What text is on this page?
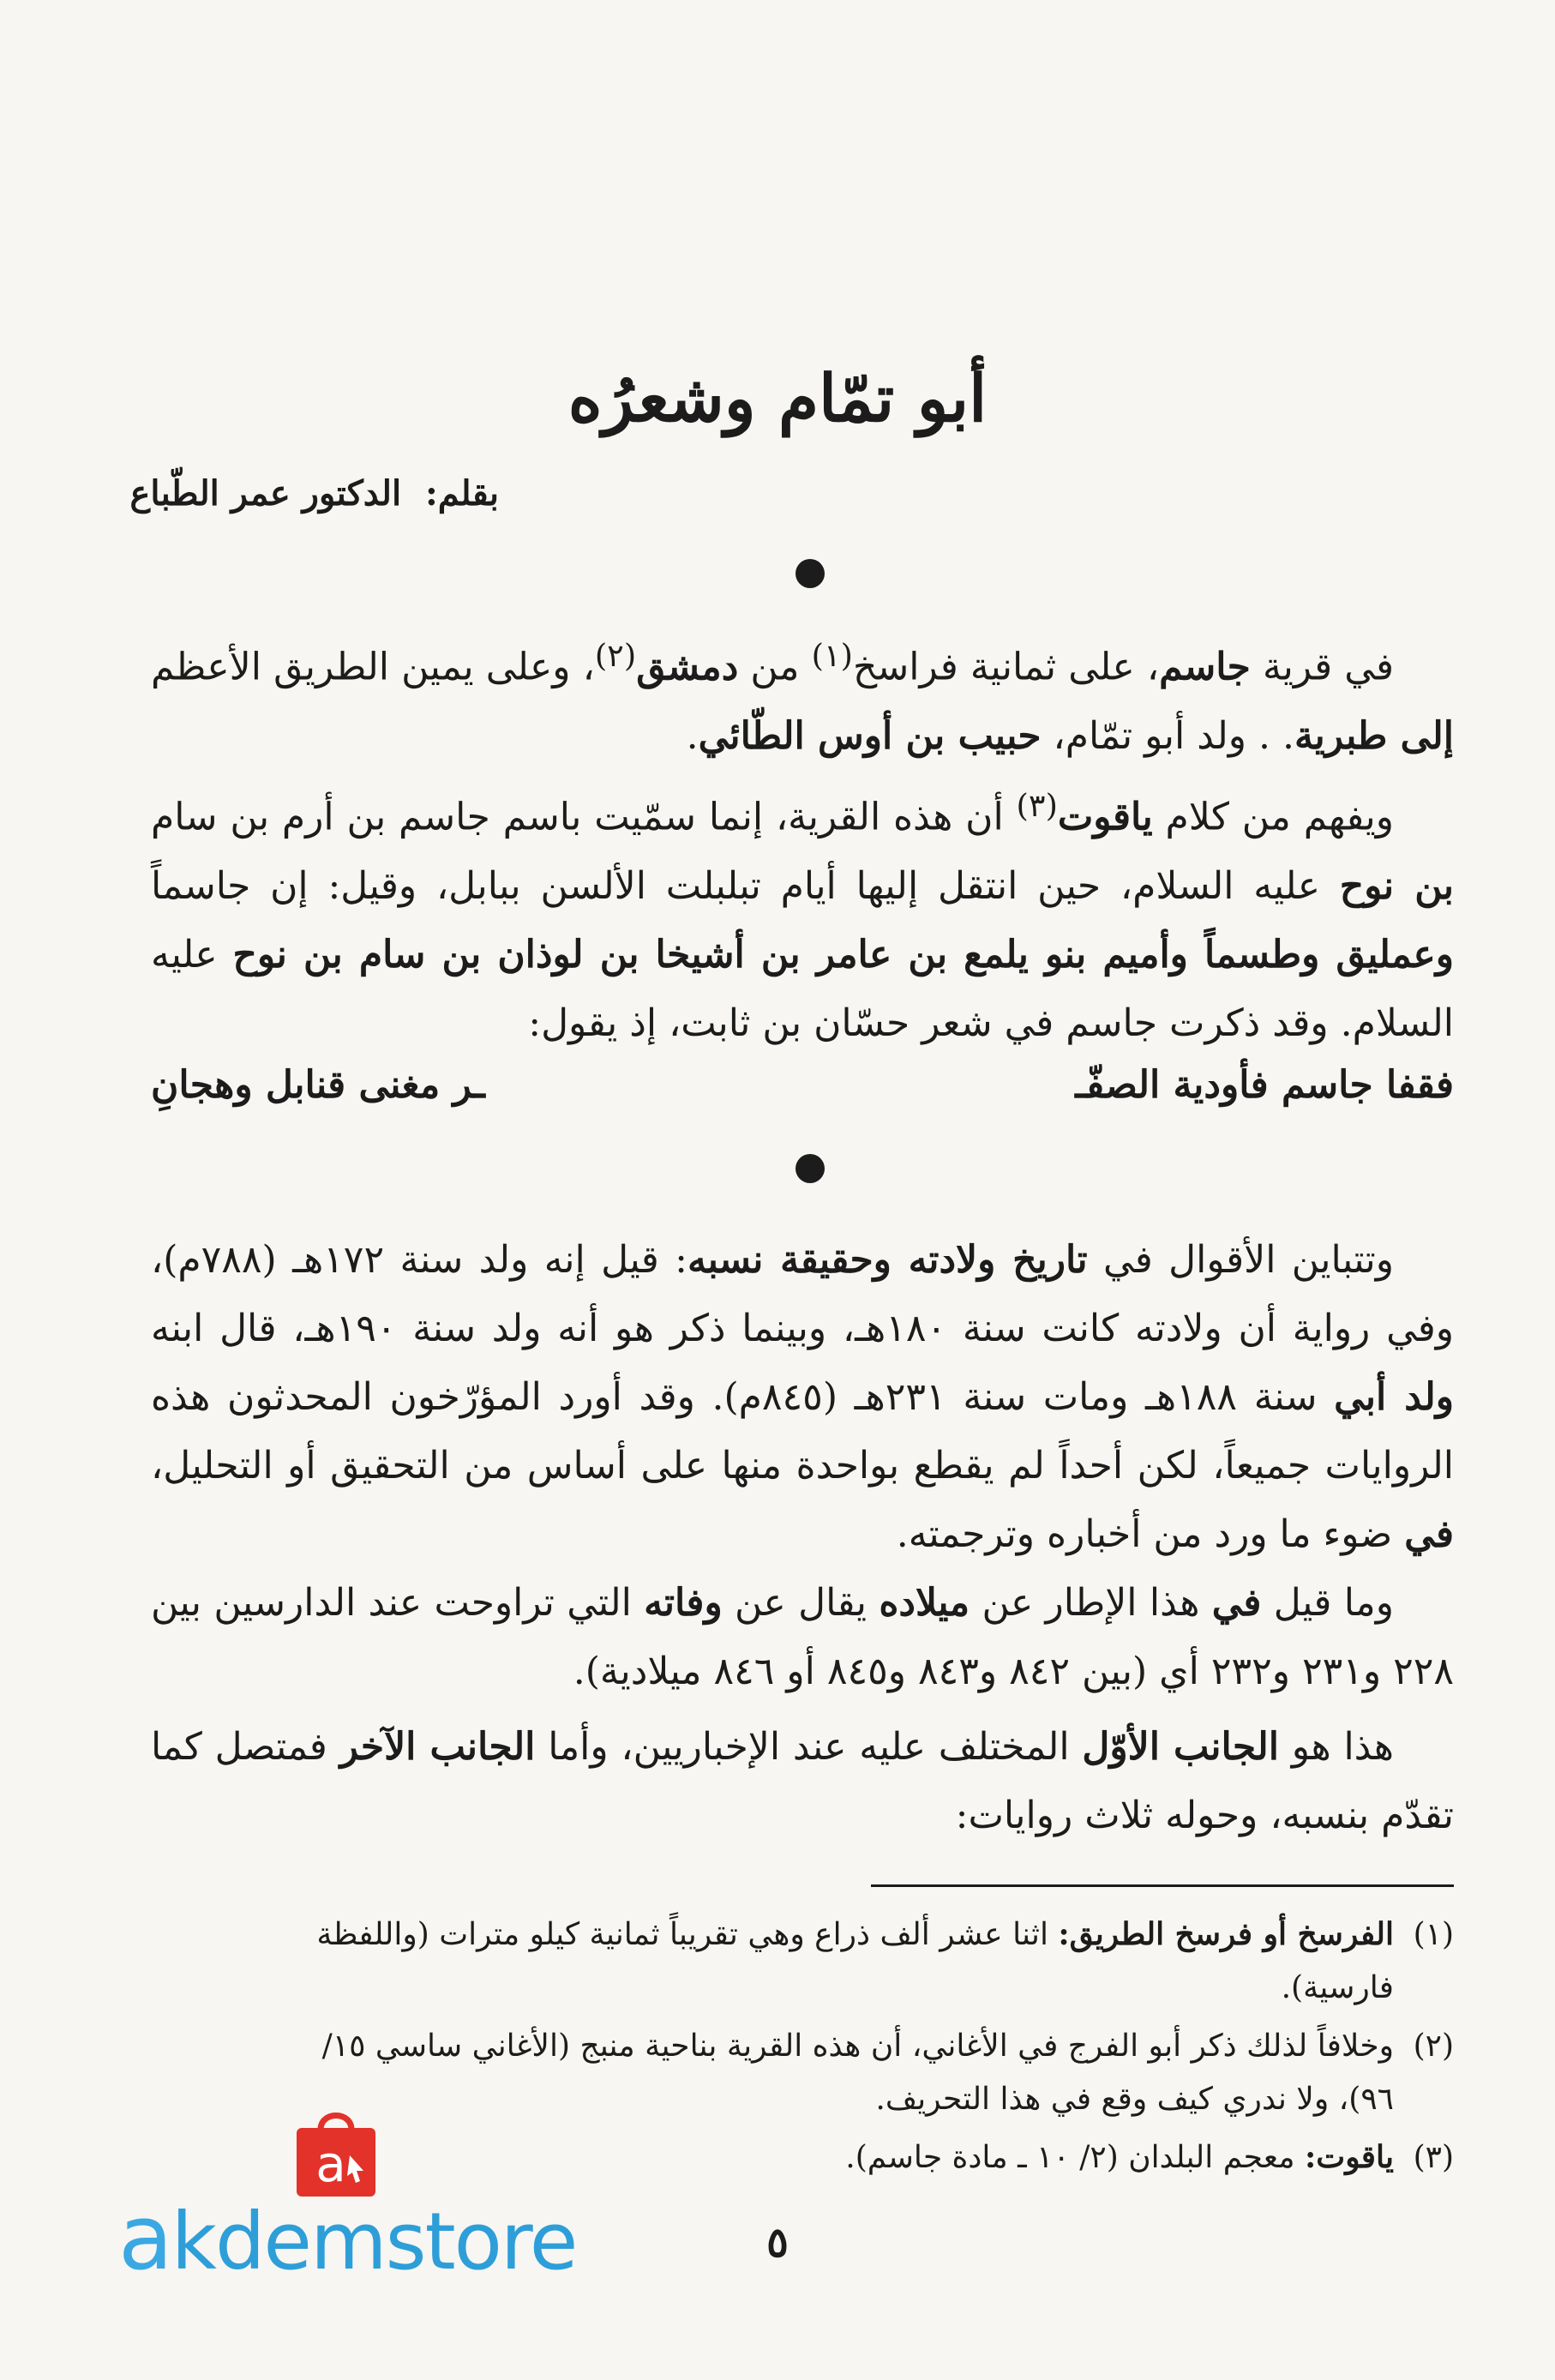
أبو تمّام وشعرُه

بقلم: الدكتور عمر الطّباع

في قرية جاسم، على ثمانية فراسخ$^{(١)}$ من دمشق$^{(٢)}$، وعلى يمين الطريق الأعظم إلى طبرية. . ولد أبو تمّام، حبيب بن أوس الطّائي.

ويفهم من كلام ياقوت$^{(٣)}$ أن هذه القرية، إنما سمّيت باسم جاسم بن أرم بن سام بن نوح عليه السلام، حين انتقل إليها أيام تبلبلت الألسن ببابل، وقيل: إن جاسماً وعمليق وطسماً وأميم بنو يلمع بن عامر بن أشيخا بن لوذان بن سام بن نوح عليه السلام. وقد ذكرت جاسم في شعر حسّان بن ثابت، إذ يقول:

فقفا جاسم فأودية الصفّـ
ـر مغنى قنابل وهجانِ

وتتباين الأقوال في تاريخ ولادته وحقيقة نسبه: قيل إنه ولد سنة ١٧٢هـ (٧٨٨م)، وفي رواية أن ولادته كانت سنة ١٨٠هـ، وبينما ذكر هو أنه ولد سنة ١٩٠هـ، قال ابنه ولد أبي سنة ١٨٨هـ ومات سنة ٢٣١هـ (٨٤٥م). وقد أورد المؤرّخون المحدثون هذه الروايات جميعاً، لكن أحداً لم يقطع بواحدة منها على أساس من التحقيق أو التحليل، في ضوء ما ورد من أخباره وترجمته.

وما قيل في هذا الإطار عن ميلاده يقال عن وفاته التي تراوحت عند الدارسين بين ٢٢٨ و٢٣١ و٢٣٢ أي (بين ٨٤٢ و٨٤٣ و٨٤٥ أو ٨٤٦ ميلادية).

هذا هو الجانب الأوّل المختلف عليه عند الإخباريين، وأما الجانب الآخر فمتصل كما تقدّم بنسبه، وحوله ثلاث روايات:

(١)الفرسخ أو فرسخ الطريق: اثنا عشر ألف ذراع وهي تقريباً ثمانية كيلو مترات (واللفظة
فارسية).

(٢)وخلافاً لذلك ذكر أبو الفرج في الأغاني، أن هذه القرية بناحية منبج (الأغاني ساسي ١٥/
٩٦)، ولا ندري كيف وقع في هذا التحريف.

(٣)ياقوت: معجم البلدان (٢/ ١٠ ـ مادة جاسم).

٥

a
akdemstore
